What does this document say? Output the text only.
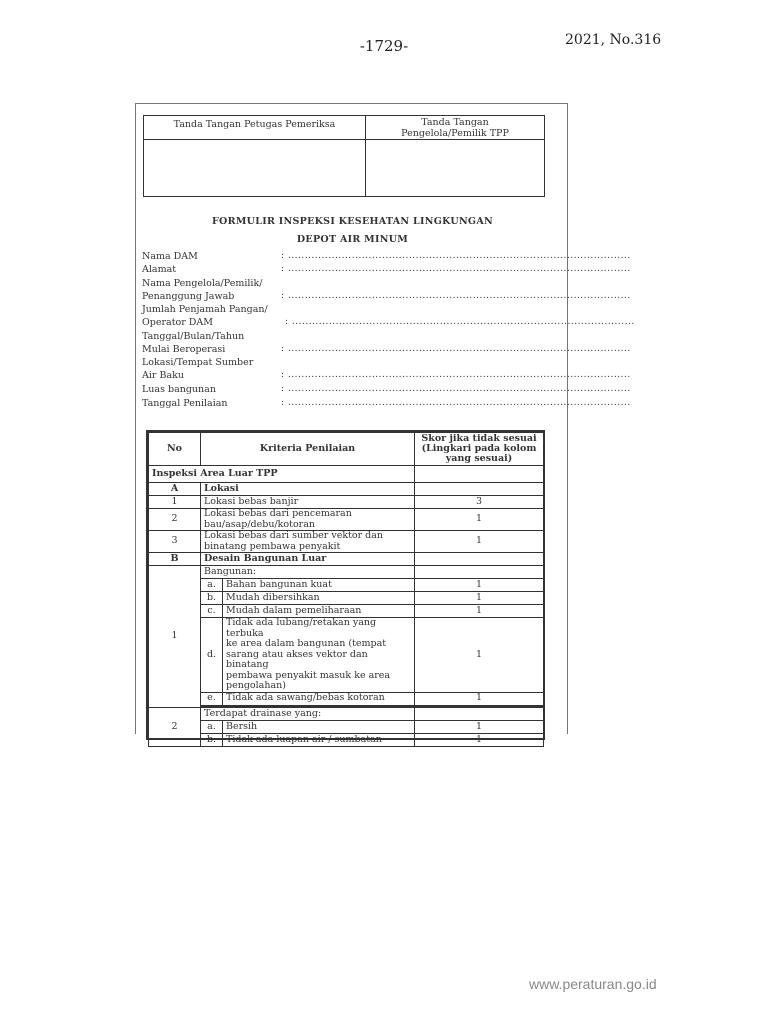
-1729-	2021, No.316
Tanda Tangan Petugas Pemeriksa	Tanda Tangan
Pengelola/Pemilik TPP
FORMULIR INSPEKSI KESEHATAN LINGKUNGAN
DEPOT AIR MINUM
Nama DAM	: ......................................................................................................
Alamat	: ......................................................................................................
Nama Pengelola/Pemilik/
Penanggung Jawab	: ......................................................................................................
Jumlah Penjamah Pangan/
Operator DAM	: ......................................................................................................
Tanggal/Bulan/Tahun
Mulai Beroperasi	: ......................................................................................................
Lokasi/Tempat Sumber
Air Baku	: ......................................................................................................
Luas bangunan	: ......................................................................................................
Tanggal Penilaian	: ......................................................................................................
No	Kriteria Penilaian		Skor jika tidak sesuai
(Lingkari pada kolom
yang sesuai)

Inspeksi Area Luar TPP			
A	Lokasi		
1	Lokasi bebas banjir		3
2	Lokasi bebas dari pencemaran
bau/asap/debu/kotoran		1
3	Lokasi bebas dari sumber vektor dan
binatang pembawa penyakit		1
B	Desain Bangunan Luar		
1	Bangunan:		
	a.	Bahan bangunan kuat	1
	b.	Mudah dibersihkan	1
	c.	Mudah dalam pemeliharaan	1
	d.	Tidak ada lubang/retakan yang terbuka
ke area dalam bangunan (tempat
sarang atau akses vektor dan binatang
pembawa penyakit masuk ke area
pengolahan)	1
	e.	Tidak ada sawang/bebas kotoran	1

2	Terdapat drainase yang:		
	a.	Bersih	1
	b.	Tidak ada luapan air / sumbatan	1
www.peraturan.go.id
